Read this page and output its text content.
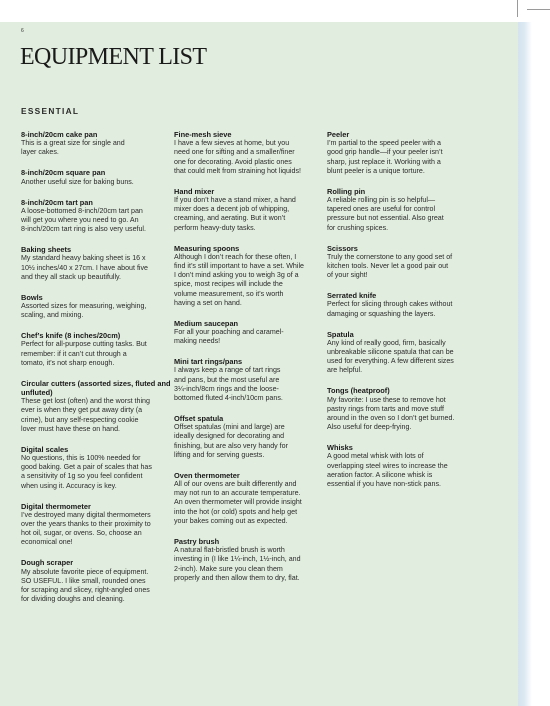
6
EQUIPMENT LIST
ESSENTIAL
8-inch/20cm cake pan
This is a great size for single and
layer cakes.
8-inch/20cm square pan
Another useful size for baking buns.
8-inch/20cm tart pan
A loose-bottomed 8-inch/20cm tart pan
will get you where you need to go. An
8-inch/20cm tart ring is also very useful.
Baking sheets
My standard heavy baking sheet is 16 x
10½ inches/40 x 27cm. I have about five
and they all stack up beautifully.
Bowls
Assorted sizes for measuring, weighing,
scaling, and mixing.
Chef’s knife (8 inches/20cm)
Perfect for all-purpose cutting tasks. But
remember: if it can’t cut through a
tomato, it’s not sharp enough.
Circular cutters (assorted sizes, fluted and unfluted)
These get lost (often) and the worst thing
ever is when they get put away dirty (a
crime), but any self-respecting cookie
lover must have these on hand.
Digital scales
No questions, this is 100% needed for
good baking. Get a pair of scales that has
a sensitivity of 1g so you feel confident
when using it. Accuracy is key.
Digital thermometer
I’ve destroyed many digital thermometers
over the years thanks to their proximity to
hot oil, sugar, or ovens. So, choose an
economical one!
Dough scraper
My absolute favorite piece of equipment.
SO USEFUL. I like small, rounded ones
for scraping and slicey, right-angled ones
for dividing doughs and cleaning.
Fine-mesh sieve
I have a few sieves at home, but you
need one for sifting and a smaller/finer
one for decorating. Avoid plastic ones
that could melt from straining hot liquids!
Hand mixer
If you don’t have a stand mixer, a hand
mixer does a decent job of whipping,
creaming, and aerating. But it won’t
perform heavy-duty tasks.
Measuring spoons
Although I don’t reach for these often, I
find it’s still important to have a set. While
I don’t mind asking you to weigh 3g of a
spice, most recipes will include the
volume measurement, so it’s worth
having a set on hand.
Medium saucepan
For all your poaching and caramel-
making needs!
Mini tart rings/pans
I always keep a range of tart rings
and pans, but the most useful are
3¼-inch/8cm rings and the loose-
bottomed fluted 4-inch/10cm pans.
Offset spatula
Offset spatulas (mini and large) are
ideally designed for decorating and
finishing, but are also very handy for
lifting and for serving guests.
Oven thermometer
All of our ovens are built differently and
may not run to an accurate temperature.
An oven thermometer will provide insight
into the hot (or cold) spots and help get
your bakes coming out as expected.
Pastry brush
A natural flat-bristled brush is worth
investing in (I like 1¼-inch, 1½-inch, and
2-inch). Make sure you clean them
properly and then allow them to dry, flat.
Peeler
I’m partial to the speed peeler with a
good grip handle—if your peeler isn’t
sharp, just replace it. Working with a
blunt peeler is a unique torture.
Rolling pin
A reliable rolling pin is so helpful—
tapered ones are useful for control
pressure but not essential. Also great
for crushing spices.
Scissors
Truly the cornerstone to any good set of
kitchen tools. Never let a good pair out
of your sight!
Serrated knife
Perfect for slicing through cakes without
damaging or squashing the layers.
Spatula
Any kind of really good, firm, basically
unbreakable silicone spatula that can be
used for everything. A few different sizes
are helpful.
Tongs (heatproof)
My favorite: I use these to remove hot
pastry rings from tarts and move stuff
around in the oven so I don’t get burned.
Also useful for deep-frying.
Whisks
A good metal whisk with lots of
overlapping steel wires to increase the
aeration factor. A silicone whisk is
essential if you have non-stick pans.
